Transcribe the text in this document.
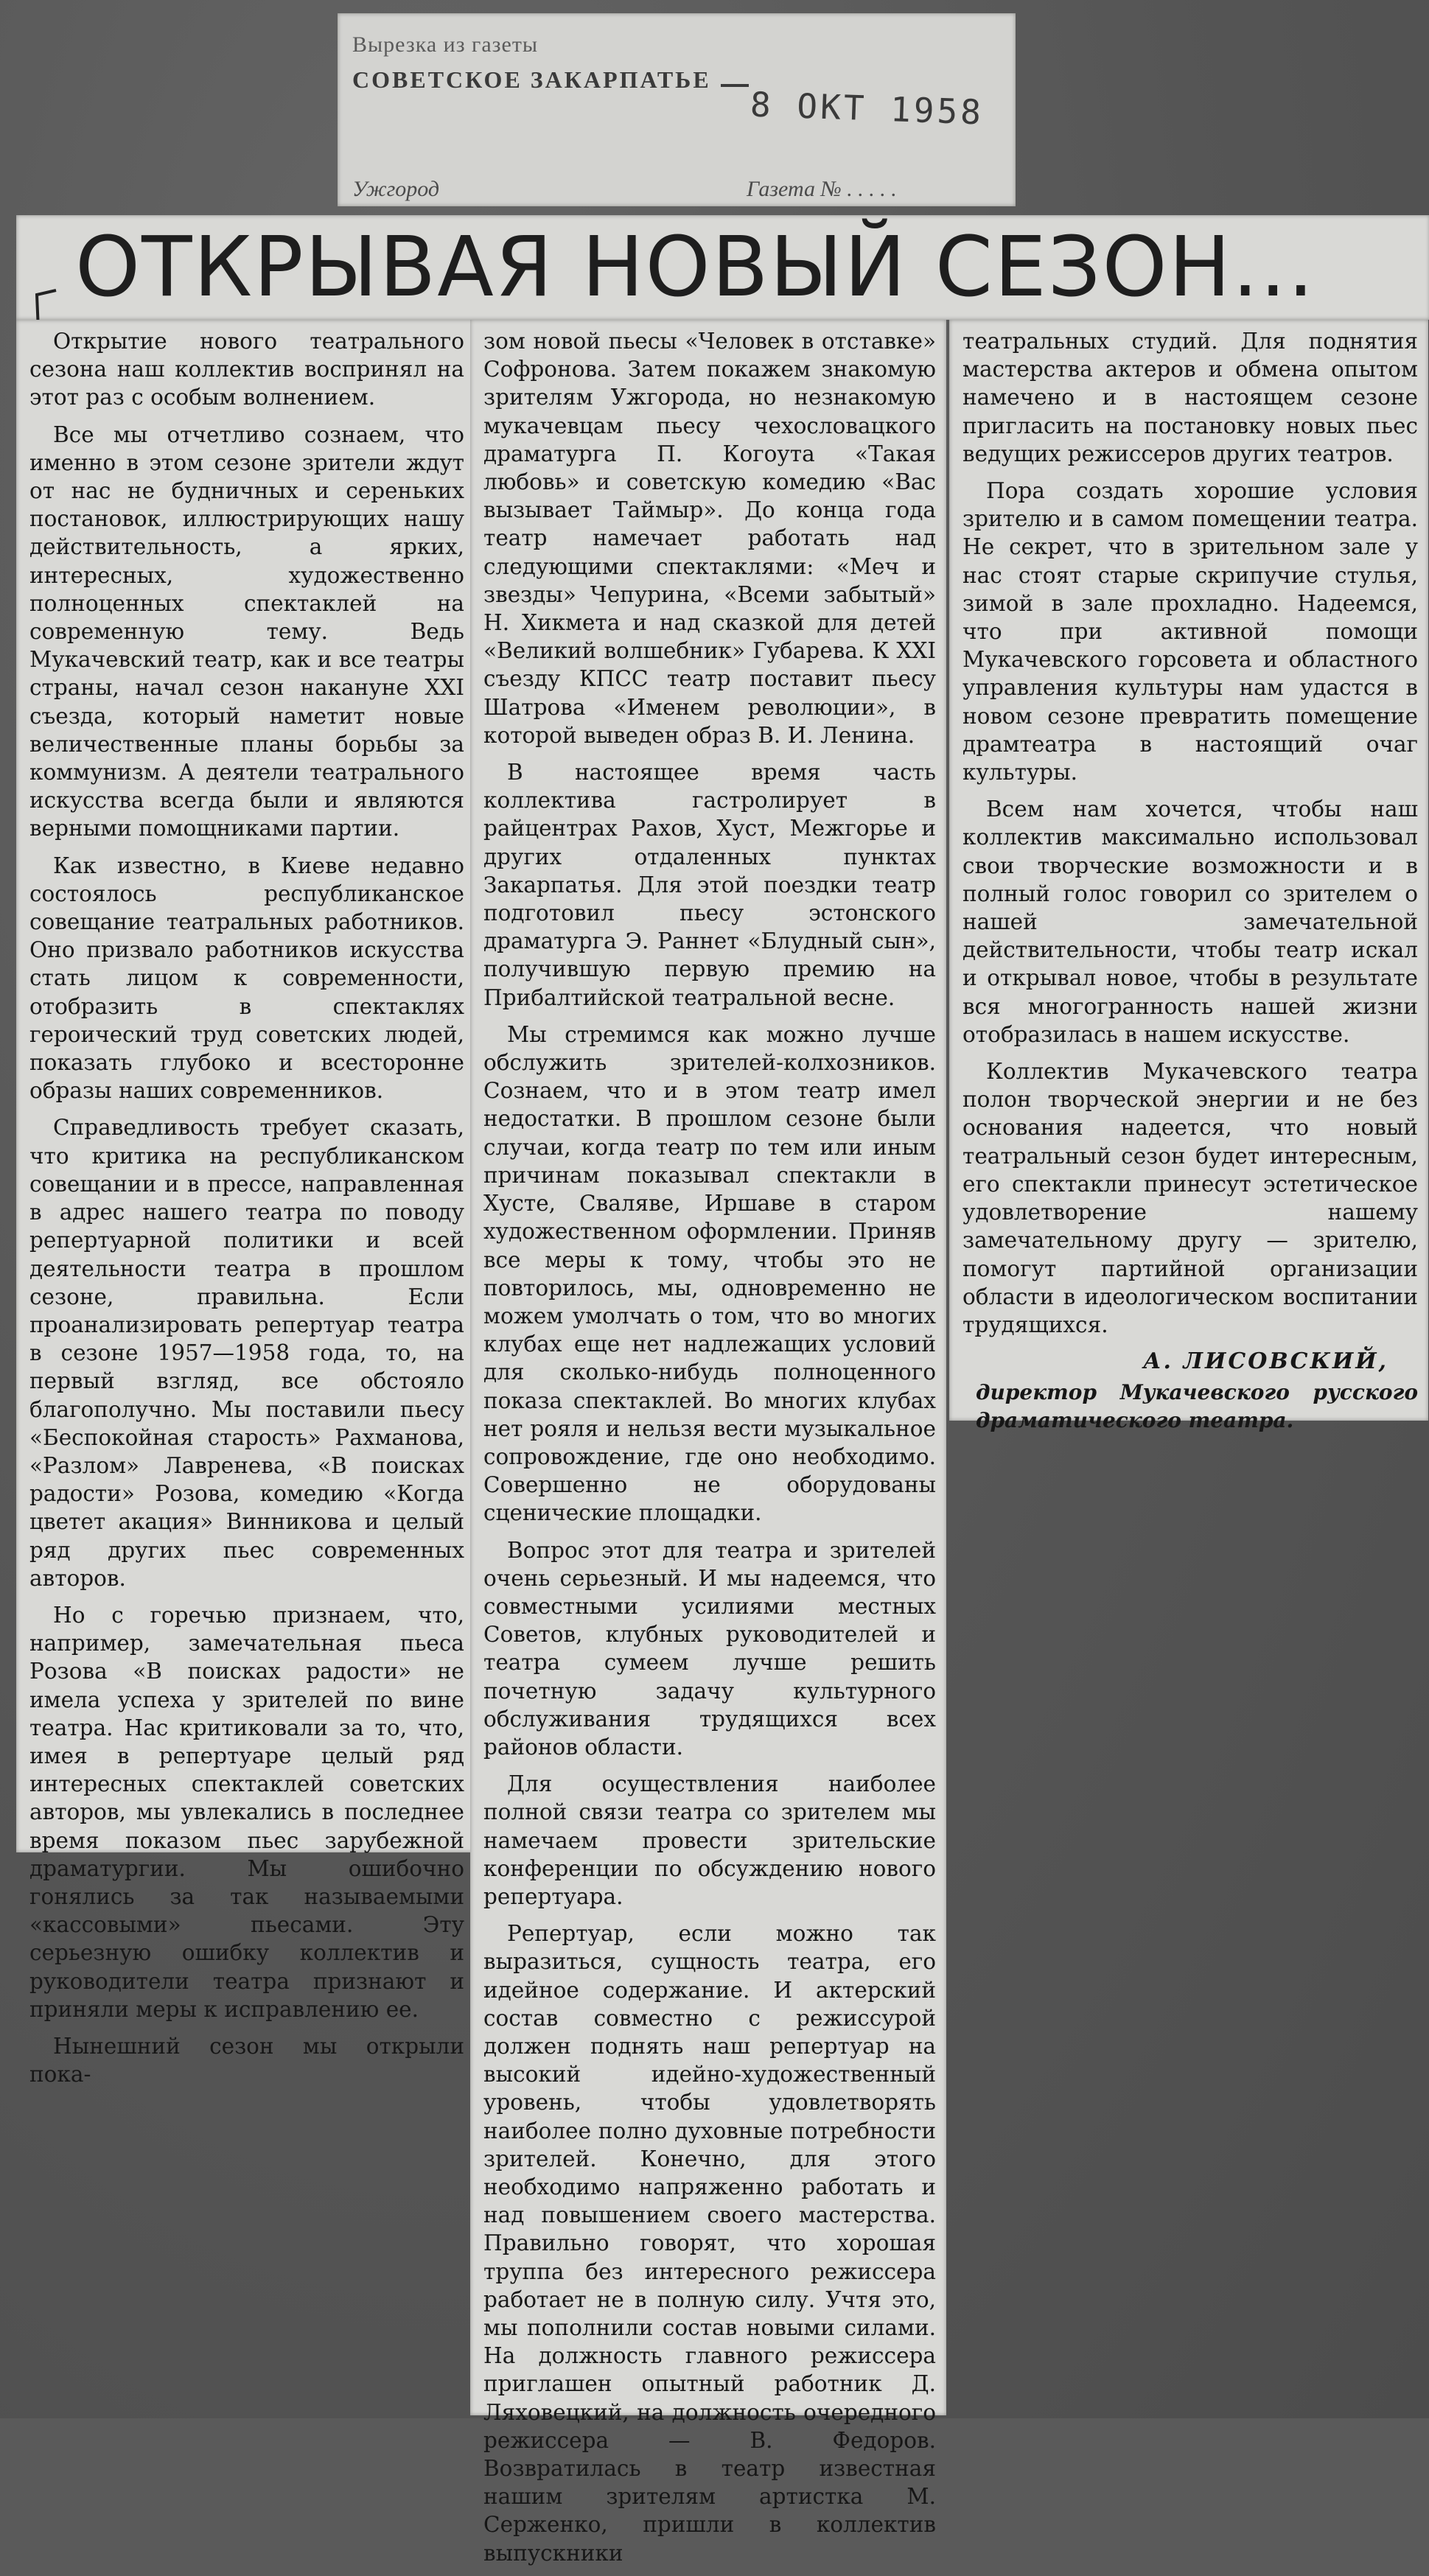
Вырезка из газеты
СОВЕТСКОЕ ЗАКАРПАТЬЕ
8 ОКТ 1958
Ужгород	Газета № . . . . .
ОТКРЫВАЯ НОВЫЙ СЕЗОН...

Открытие нового театрального сезона наш коллектив воспринял на этот раз с особым волнением.

Все мы отчетливо сознаем, что именно в этом сезоне зрители ждут от нас не будничных и сереньких постановок, иллюстрирующих нашу действительность, а ярких, интересных, художественно полноценных спектаклей на современную тему. Ведь Мукачевский театр, как и все театры страны, начал сезон накануне XXI съезда, который наметит новые величественные планы борьбы за коммунизм. А деятели театрального искусства всегда были и являются верными помощниками партии.

Как известно, в Киеве недавно состоялось республиканское совещание театральных работников. Оно призвало работников искусства стать лицом к современности, отобразить в спектаклях героический труд советских людей, показать глубоко и всесторонне образы наших современников.

Справедливость требует сказать, что критика на республиканском совещании и в прессе, направленная в адрес нашего театра по поводу репертуарной политики и всей деятельности театра в прошлом сезоне, правильна. Если проанализировать репертуар театра в сезоне 1957—1958 года, то, на первый взгляд, все обстояло благополучно. Мы поставили пьесу «Беспокойная старость» Рахманова, «Разлом» Лавренева, «В поисках радости» Розова, комедию «Когда цветет акация» Винникова и целый ряд других пьес современных авторов.

Но с горечью признаем, что, например, замечательная пьеса Розова «В поисках радости» не имела успеха у зрителей по вине театра. Нас критиковали за то, что, имея в репертуаре целый ряд интересных спектаклей советских авторов, мы увлекались в последнее время показом пьес зарубежной драматургии. Мы ошибочно гонялись за так называемыми «кассовыми» пьесами. Эту серьезную ошибку коллектив и руководители театра признают и приняли меры к исправлению ее.

Нынешний сезон мы открыли пока-

зом новой пьесы «Человек в отставке» Софронова. Затем покажем знакомую зрителям Ужгорода, но незнакомую мукачевцам пьесу чехословацкого драматурга П. Когоута «Такая любовь» и советскую комедию «Вас вызывает Таймыр». До конца года театр намечает работать над следующими спектаклями: «Меч и звезды» Чепурина, «Всеми забытый» Н. Хикмета и над сказкой для детей «Великий волшебник» Губарева. К XXI съезду КПСС театр поставит пьесу Шатрова «Именем революции», в которой выведен образ В. И. Ленина.

В настоящее время часть коллектива гастролирует в райцентрах Рахов, Хуст, Межгорье и других отдаленных пунктах Закарпатья. Для этой поездки театр подготовил пьесу эстонского драматурга Э. Раннет «Блудный сын», получившую первую премию на Прибалтийской театральной весне.

Мы стремимся как можно лучше обслужить зрителей-колхозников. Сознаем, что и в этом театр имел недостатки. В прошлом сезоне были случаи, когда театр по тем или иным причинам показывал спектакли в Хусте, Сваляве, Иршаве в старом художественном оформлении. Приняв все меры к тому, чтобы это не повторилось, мы, одновременно не можем умолчать о том, что во многих клубах еще нет надлежащих условий для сколько-нибудь полноценного показа спектаклей. Во многих клубах нет рояля и нельзя вести музыкальное сопровождение, где оно необходимо. Совершенно не оборудованы сценические площадки.

Вопрос этот для театра и зрителей очень серьезный. И мы надеемся, что совместными усилиями местных Советов, клубных руководителей и театра сумеем лучше решить почетную задачу культурного обслуживания трудящихся всех районов области.

Для осуществления наиболее полной связи театра со зрителем мы намечаем провести зрительские конференции по обсуждению нового репертуара.

Репертуар, если можно так выразиться, сущность театра, его идейное содержание. И актерский состав совместно с режиссурой должен поднять наш репертуар на высокий идейно-художественный уровень, чтобы удовлетворять наиболее полно духовные потребности зрителей. Конечно, для этого необходимо напряженно работать и над повышением своего мастерства. Правильно говорят, что хорошая труппа без интересного режиссера работает не в полную силу. Учтя это, мы пополнили состав новыми силами. На должность главного режиссера приглашен опытный работник Д. Ляховецкий, на должность очередного режиссера — В. Федоров. Возвратилась в театр известная нашим зрителям артистка М. Серженко, пришли в коллектив выпускники

театральных студий. Для поднятия мастерства актеров и обмена опытом намечено и в настоящем сезоне пригласить на постановку новых пьес ведущих режиссеров других театров.

Пора создать хорошие условия зрителю и в самом помещении театра. Не секрет, что в зрительном зале у нас стоят старые скрипучие стулья, зимой в зале прохладно. Надеемся, что при активной помощи Мукачевского горсовета и областного управления культуры нам удастся в новом сезоне превратить помещение драмтеатра в настоящий очаг культуры.

Всем нам хочется, чтобы наш коллектив максимально использовал свои творческие возможности и в полный голос говорил со зрителем о нашей замечательной действительности, чтобы театр искал и открывал новое, чтобы в результате вся многогранность нашей жизни отобразилась в нашем искусстве.

Коллектив Мукачевского театра полон творческой энергии и не без основания надеется, что новый театральный сезон будет интересным, его спектакли принесут эстетическое удовлетворение нашему замечательному другу — зрителю, помогут партийной организации области в идеологическом воспитании трудящихся.

А. ЛИСОВСКИЙ,
директор Мукачевского русского драматического театра.
